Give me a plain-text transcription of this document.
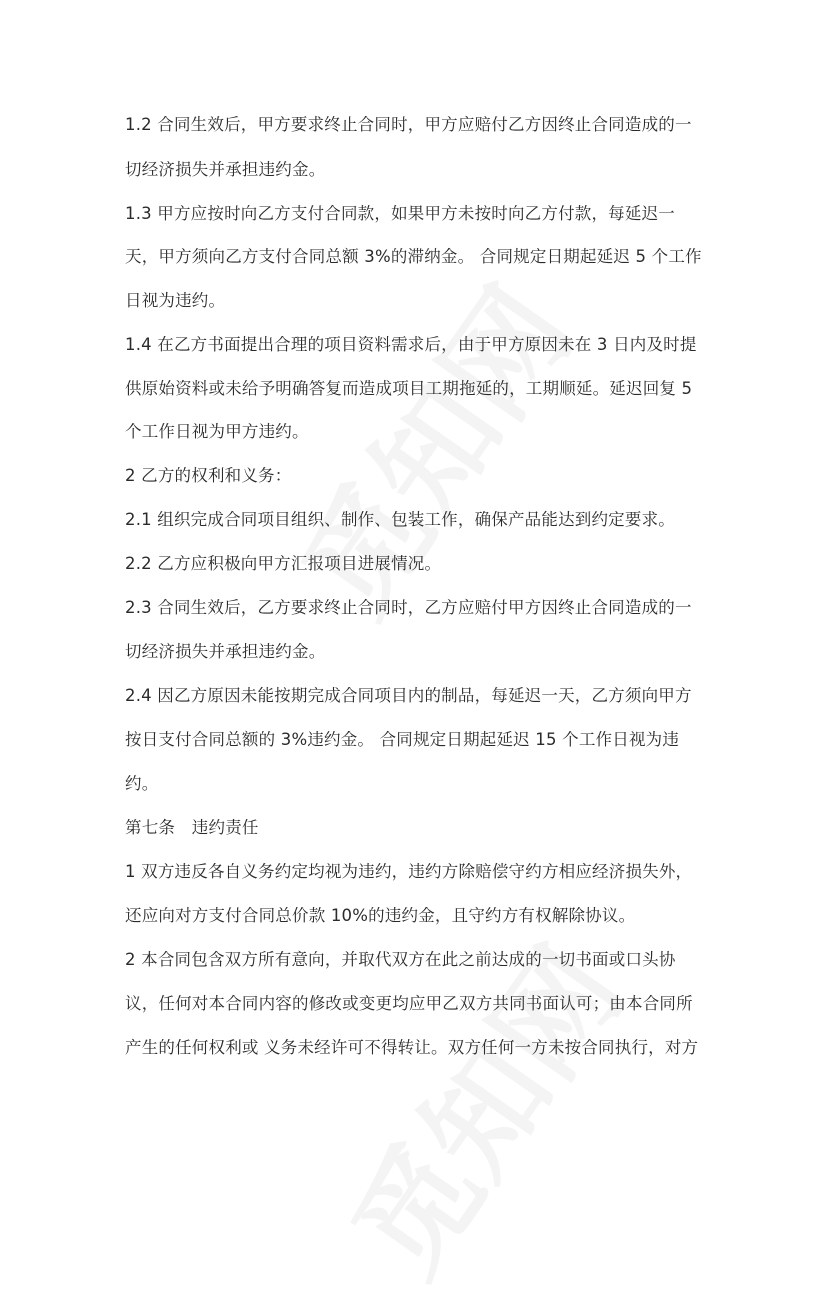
1.2 合同生效后，甲方要求终止合同时，甲方应赔付乙方因终止合同造成的一
切经济损失并承担违约金。
1.3 甲方应按时向乙方支付合同款，如果甲方未按时向乙方付款，每延迟一
天，甲方须向乙方支付合同总额 3%的滞纳金。 合同规定日期起延迟 5 个工作
日视为违约。
1.4 在乙方书面提出合理的项目资料需求后，由于甲方原因未在 3 日内及时提
供原始资料或未给予明确答复而造成项目工期拖延的，工期顺延。延迟回复 5
个工作日视为甲方违约。
2 乙方的权利和义务：
2.1 组织完成合同项目组织、制作、包装工作，确保产品能达到约定要求。
2.2 乙方应积极向甲方汇报项目进展情况。
2.3 合同生效后，乙方要求终止合同时，乙方应赔付甲方因终止合同造成的一
切经济损失并承担违约金。
2.4 因乙方原因未能按期完成合同项目内的制品，每延迟一天，乙方须向甲方
按日支付合同总额的 3%违约金。 合同规定日期起延迟 15 个工作日视为违
约。
第七条　违约责任
1 双方违反各自义务约定均视为违约，违约方除赔偿守约方相应经济损失外，
还应向对方支付合同总价款 10%的违约金，且守约方有权解除协议。
2 本合同包含双方所有意向，并取代双方在此之前达成的一切书面或口头协
议，任何对本合同内容的修改或变更均应甲乙双方共同书面认可；由本合同所
产生的任何权利或 义务未经许可不得转让。双方任何一方未按合同执行，对方
